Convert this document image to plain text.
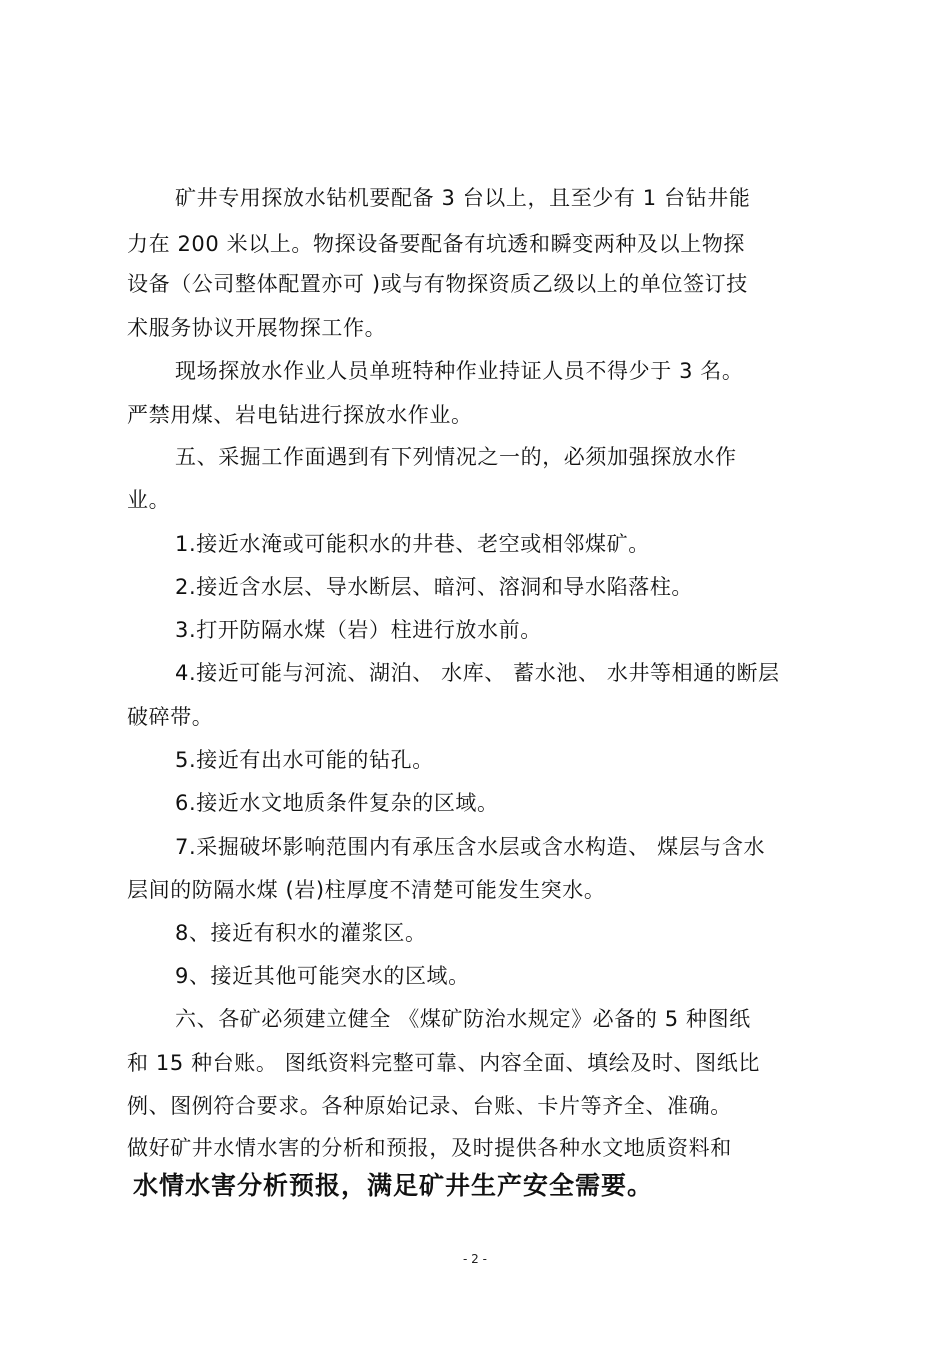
矿井专用探放水钻机要配备 3 台以上，且至少有 1 台钻井能
力在 200 米以上。物探设备要配备有坑透和瞬变两种及以上物探
设备（公司整体配置亦可 )或与有物探资质乙级以上的单位签订技
术服务协议开展物探工作。
现场探放水作业人员单班特种作业持证人员不得少于 3 名。
严禁用煤、岩电钻进行探放水作业。
五、采掘工作面遇到有下列情况之一的，必须加强探放水作
业。
1.接近水淹或可能积水的井巷、老空或相邻煤矿。
2.接近含水层、导水断层、暗河、溶洞和导水陷落柱。
3.打开防隔水煤（岩）柱进行放水前。
4.接近可能与河流、湖泊、 水库、 蓄水池、 水井等相通的断层
破碎带。
5.接近有出水可能的钻孔。
6.接近水文地质条件复杂的区域。
7.采掘破坏影响范围内有承压含水层或含水构造、 煤层与含水
层间的防隔水煤 (岩)柱厚度不清楚可能发生突水。
8、接近有积水的灌浆区。
9、接近其他可能突水的区域。
六、各矿必须建立健全 《煤矿防治水规定》必备的 5 种图纸
和 15 种台账。 图纸资料完整可靠、内容全面、填绘及时、图纸比
例、图例符合要求。各种原始记录、台账、卡片等齐全、准确。
做好矿井水情水害的分析和预报，及时提供各种水文地质资料和
水情水害分析预报，满足矿井生产安全需要。
- 2 -
